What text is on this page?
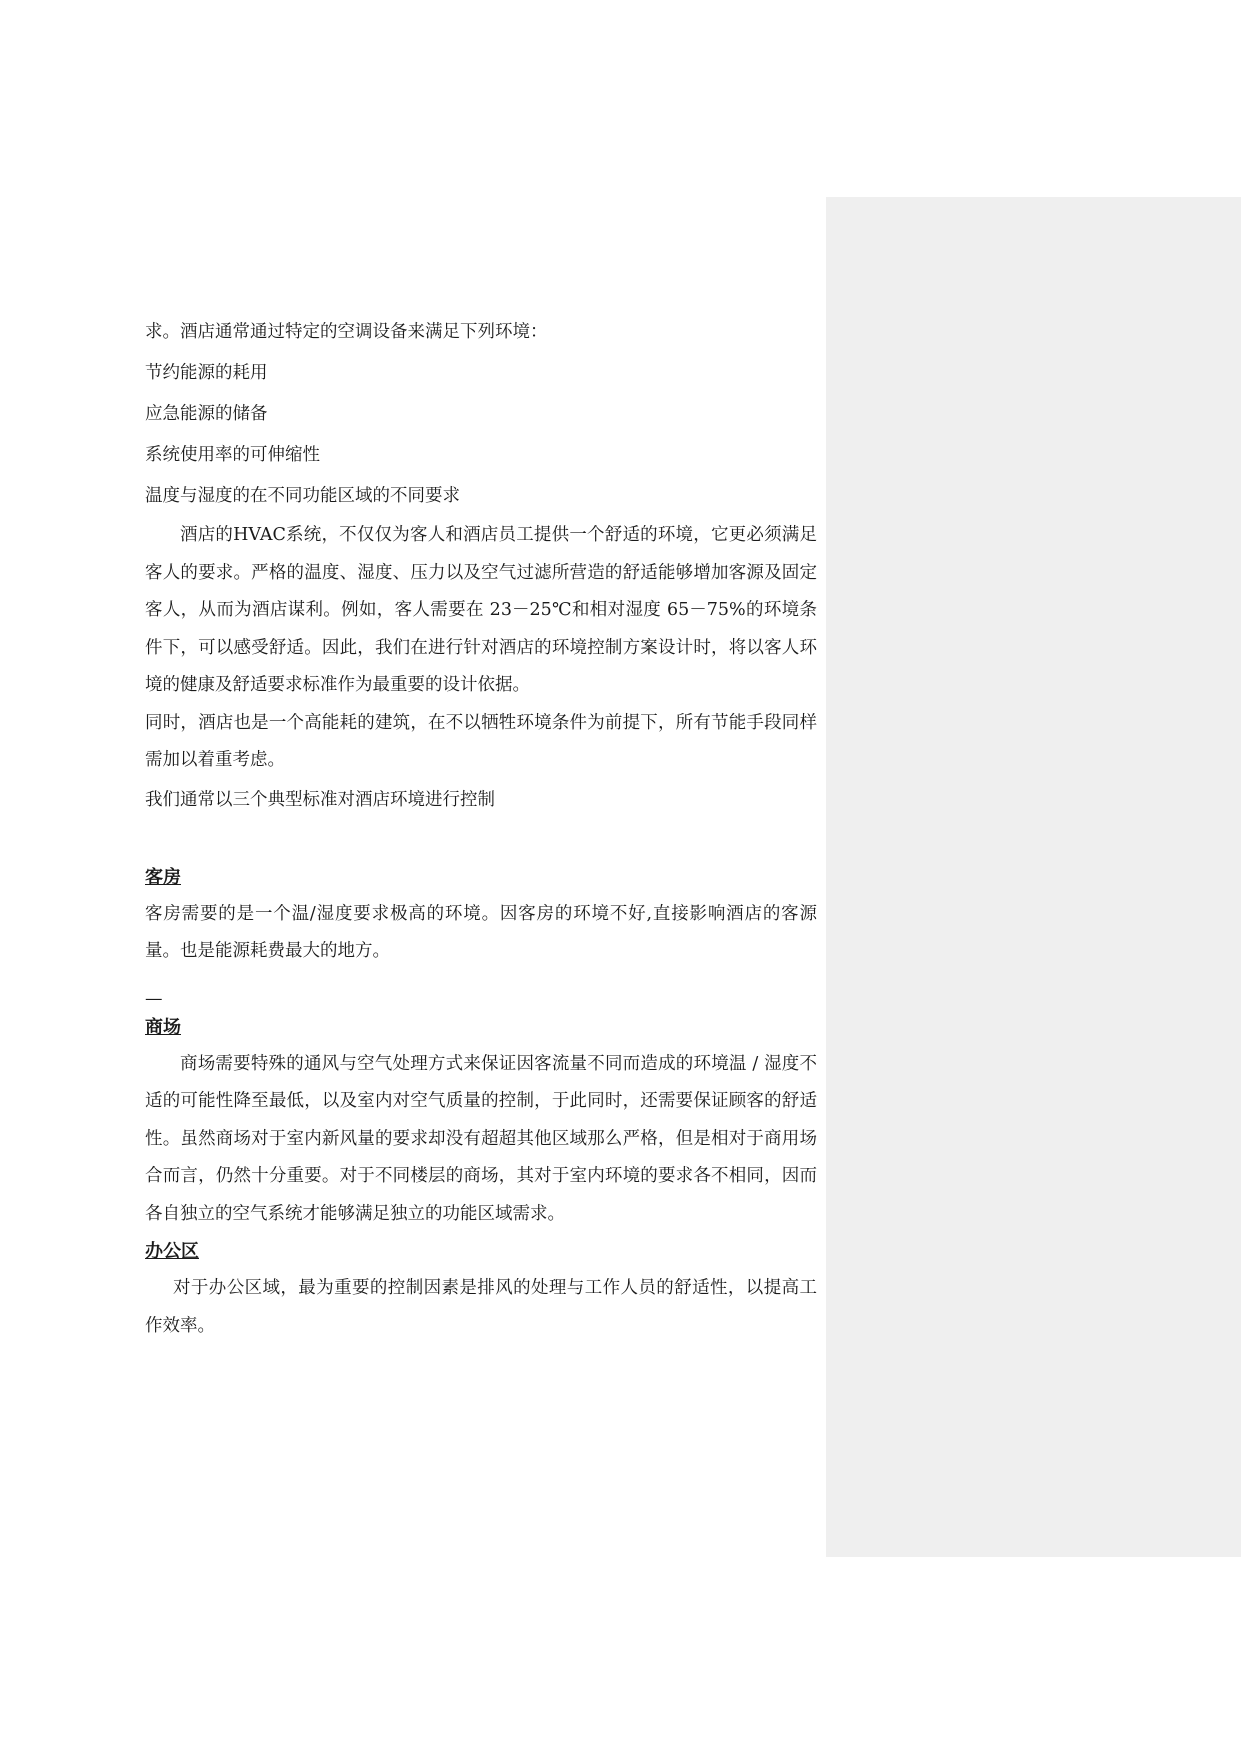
求。酒店通常通过特定的空调设备来满足下列环境：

节约能源的耗用

应急能源的储备

系统使用率的可伸缩性

温度与湿度的在不同功能区域的不同要求

酒店的HVAC系统，不仅仅为客人和酒店员工提供一个舒适的环境，它更必须满足客人的要求。严格的温度、湿度、压力以及空气过滤所营造的舒适能够增加客源及固定客人，从而为酒店谋利。例如，客人需要在 23－25℃和相对湿度 65－75%的环境条件下，可以感受舒适。因此，我们在进行针对酒店的环境控制方案设计时，将以客人环境的健康及舒适要求标准作为最重要的设计依据。

同时，酒店也是一个高能耗的建筑，在不以牺牲环境条件为前提下，所有节能手段同样需加以着重考虑。

我们通常以三个典型标准对酒店环境进行控制

客房

客房需要的是一个温/湿度要求极高的环境。因客房的环境不好,直接影响酒店的客源量。也是能源耗费最大的地方。

—

商场

商场需要特殊的通风与空气处理方式来保证因客流量不同而造成的环境温 / 湿度不适的可能性降至最低，以及室内对空气质量的控制，于此同时，还需要保证顾客的舒适性。虽然商场对于室内新风量的要求却没有超超其他区域那么严格，但是相对于商用场合而言，仍然十分重要。对于不同楼层的商场，其对于室内环境的要求各不相同，因而各自独立的空气系统才能够满足独立的功能区域需求。

办公区

对于办公区域，最为重要的控制因素是排风的处理与工作人员的舒适性，以提高工作效率。
